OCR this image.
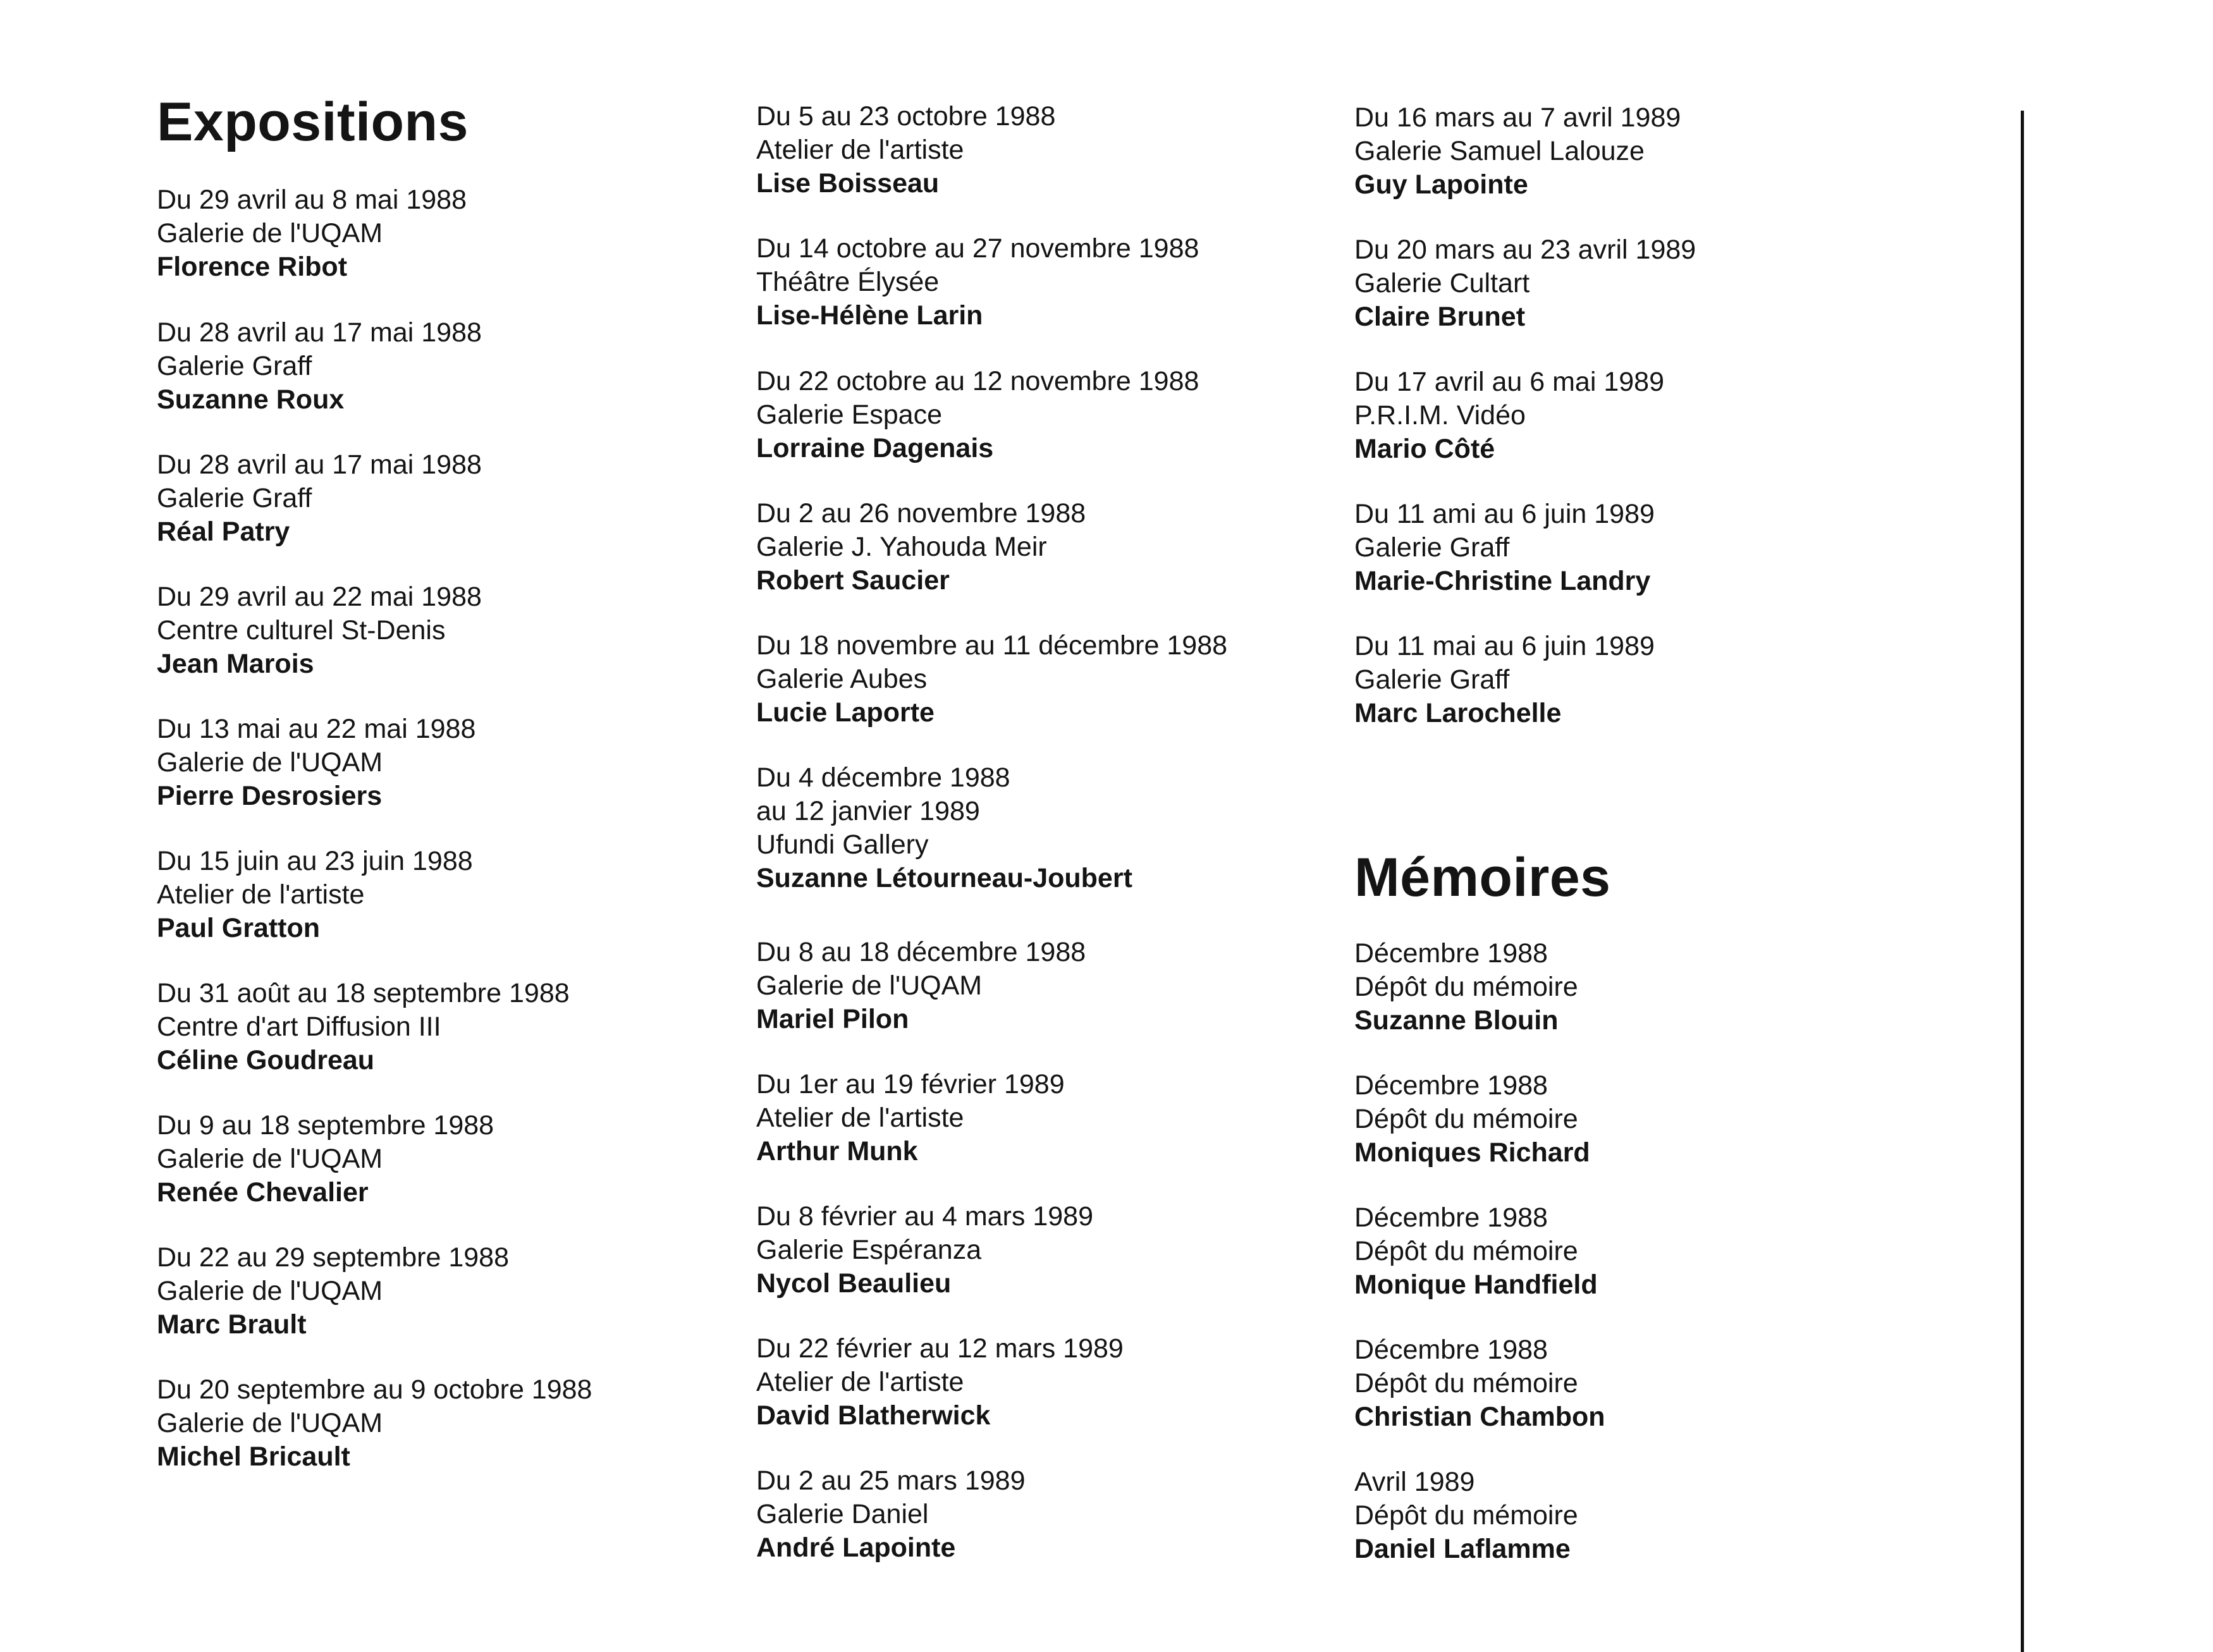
Expositions
Du 29 avril au 8 mai 1988
Galerie de l'UQAM
Florence Ribot
Du 28 avril au 17 mai 1988
Galerie Graff
Suzanne Roux
Du 28 avril au 17 mai 1988
Galerie Graff
Réal Patry
Du 29 avril au 22 mai 1988
Centre culturel St-Denis
Jean Marois
Du 13 mai au 22 mai 1988
Galerie de l'UQAM
Pierre Desrosiers
Du 15 juin au 23 juin 1988
Atelier de l'artiste
Paul Gratton
Du 31 août au 18 septembre 1988
Centre d'art Diffusion III
Céline Goudreau
Du 9 au 18 septembre 1988
Galerie de l'UQAM
Renée Chevalier
Du 22 au 29 septembre 1988
Galerie de l'UQAM
Marc Brault
Du 20 septembre au 9 octobre 1988
Galerie de l'UQAM
Michel Bricault
Du 5 au 23 octobre 1988
Atelier de l'artiste
Lise Boisseau
Du 14 octobre au 27 novembre 1988
Théâtre Élysée
Lise-Hélène Larin
Du 22 octobre au 12 novembre 1988
Galerie Espace
Lorraine Dagenais
Du 2 au 26 novembre 1988
Galerie J. Yahouda Meir
Robert Saucier
Du 18 novembre au 11 décembre 1988
Galerie Aubes
Lucie Laporte
Du 4 décembre 1988
au 12 janvier 1989
Ufundi Gallery
Suzanne Létourneau-Joubert
Du 8 au 18 décembre 1988
Galerie de l'UQAM
Mariel Pilon
Du 1er au 19 février 1989
Atelier de l'artiste
Arthur Munk
Du 8 février au 4 mars 1989
Galerie Espéranza
Nycol Beaulieu
Du 22 février au 12 mars 1989
Atelier de l'artiste
David Blatherwick
Du 2 au 25 mars 1989
Galerie Daniel
André Lapointe
Du 16 mars au 7 avril 1989
Galerie Samuel Lalouze
Guy Lapointe
Du 20 mars au 23 avril 1989
Galerie Cultart
Claire Brunet
Du 17 avril au 6 mai 1989
P.R.I.M. Vidéo
Mario Côté
Du 11 ami au 6 juin 1989
Galerie Graff
Marie-Christine Landry
Du 11 mai au 6 juin 1989
Galerie Graff
Marc Larochelle
Mémoires
Décembre 1988
Dépôt du mémoire
Suzanne Blouin
Décembre 1988
Dépôt du mémoire
Moniques Richard
Décembre 1988
Dépôt du mémoire
Monique Handfield
Décembre 1988
Dépôt du mémoire
Christian Chambon
Avril 1989
Dépôt du mémoire
Daniel Laflamme
